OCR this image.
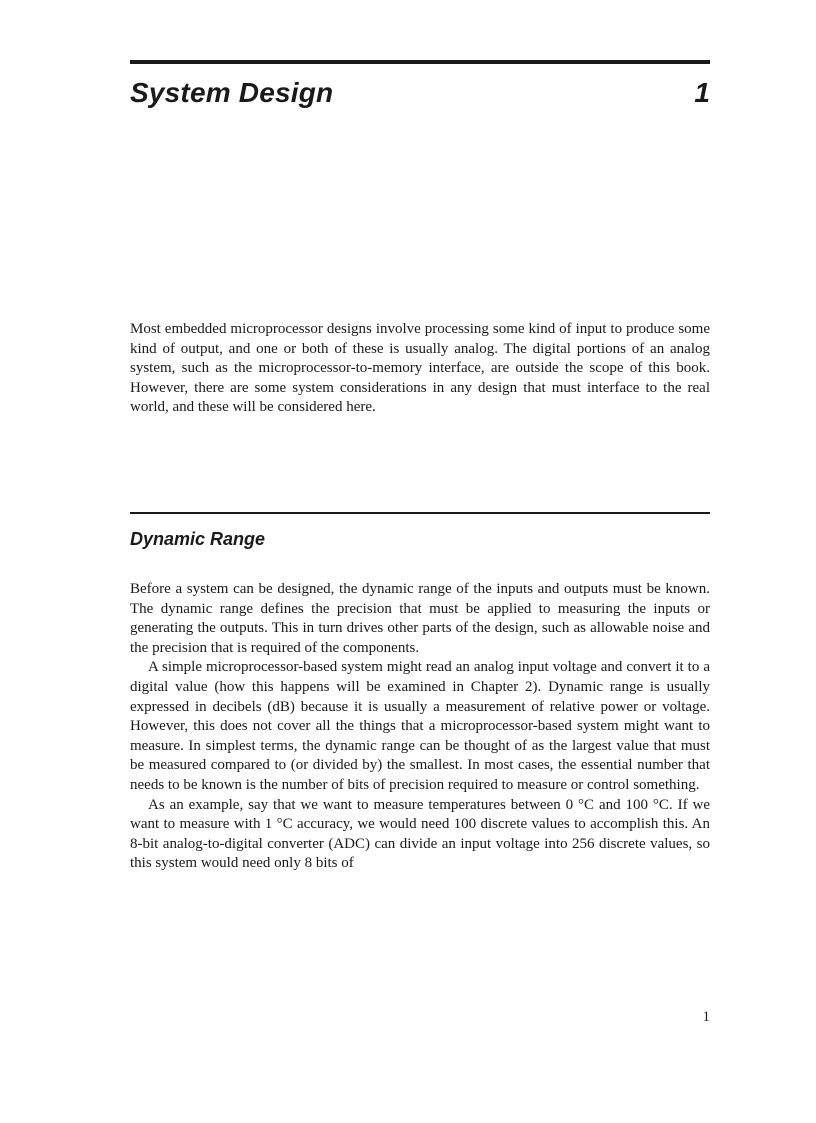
System Design	1

Most embedded microprocessor designs involve processing some kind of input to produce some kind of output, and one or both of these is usually analog. The digital portions of an analog system, such as the microprocessor-to-memory interface, are outside the scope of this book. However, there are some system considerations in any design that must interface to the real world, and these will be considered here.

Dynamic Range

Before a system can be designed, the dynamic range of the inputs and outputs must be known. The dynamic range defines the precision that must be applied to measuring the inputs or generating the outputs. This in turn drives other parts of the design, such as allowable noise and the precision that is required of the components.

A simple microprocessor-based system might read an analog input voltage and convert it to a digital value (how this happens will be examined in Chapter 2). Dynamic range is usually expressed in decibels (dB) because it is usually a measurement of relative power or voltage. However, this does not cover all the things that a microprocessor-based system might want to measure. In simplest terms, the dynamic range can be thought of as the largest value that must be measured compared to (or divided by) the smallest. In most cases, the essential number that needs to be known is the number of bits of precision required to measure or control something.

As an example, say that we want to measure temperatures between 0 °C and 100 °C. If we want to measure with 1 °C accuracy, we would need 100 discrete values to accomplish this. An 8-bit analog-to-digital converter (ADC) can divide an input voltage into 256 discrete values, so this system would need only 8 bits of

1
